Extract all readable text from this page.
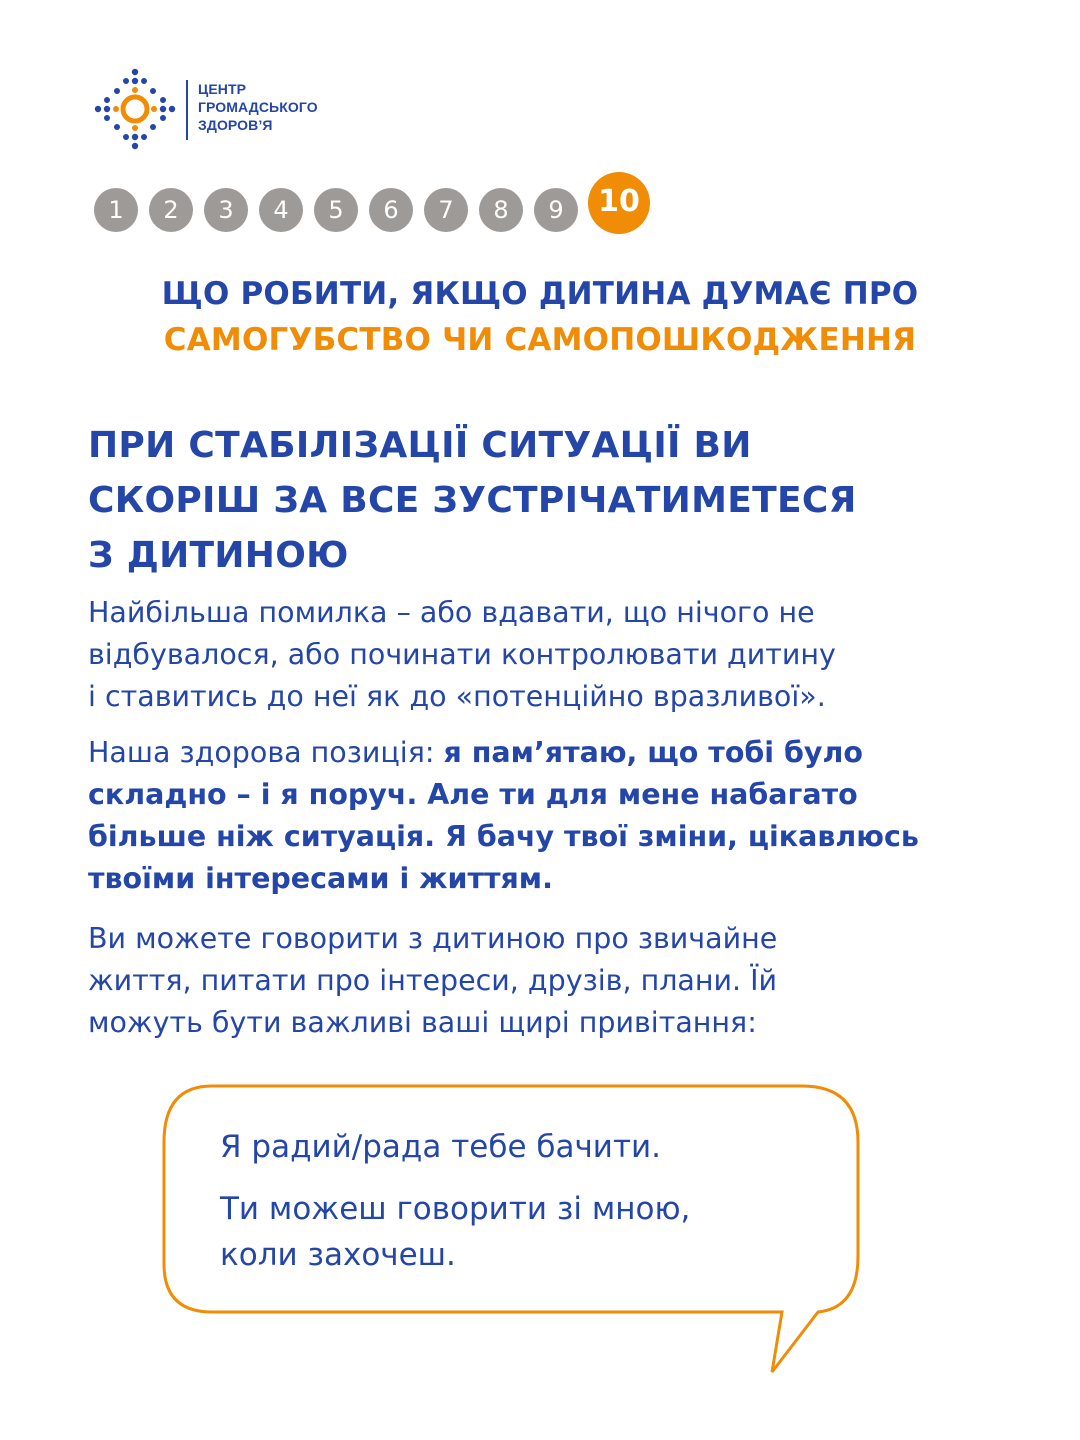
ЦЕНТР
ГРОМАДСЬКОГО
ЗДОРОВ’Я
1	2	3	4	5	6	7	8	9	10
ЩО РОБИТИ, ЯКЩО ДИТИНА ДУМАЄ ПРО
САМОГУБСТВО ЧИ САМОПОШКОДЖЕННЯ
ПРИ СТАБІЛІЗАЦІЇ СИТУАЦІЇ ВИ
СКОРІШ ЗА ВСЕ ЗУСТРІЧАТИМЕТЕСЯ
З ДИТИНОЮ
Найбільша помилка – або вдавати, що нічого не
відбувалося, або починати контролювати дитину
і ставитись до неї як до «потенційно вразливої».
Наша здорова позиція: я пам’ятаю, що тобі було
складно – і я поруч. Але ти для мене набагато
більше ніж ситуація. Я бачу твої зміни, цікавлюсь
твоїми інтересами і життям.
Ви можете говорити з дитиною про звичайне
життя, питати про інтереси, друзів, плани. Їй
можуть бути важливі ваші щирі привітання:
Я радий/рада тебе бачити.
Ти можеш говорити зі мною,
коли захочеш.
